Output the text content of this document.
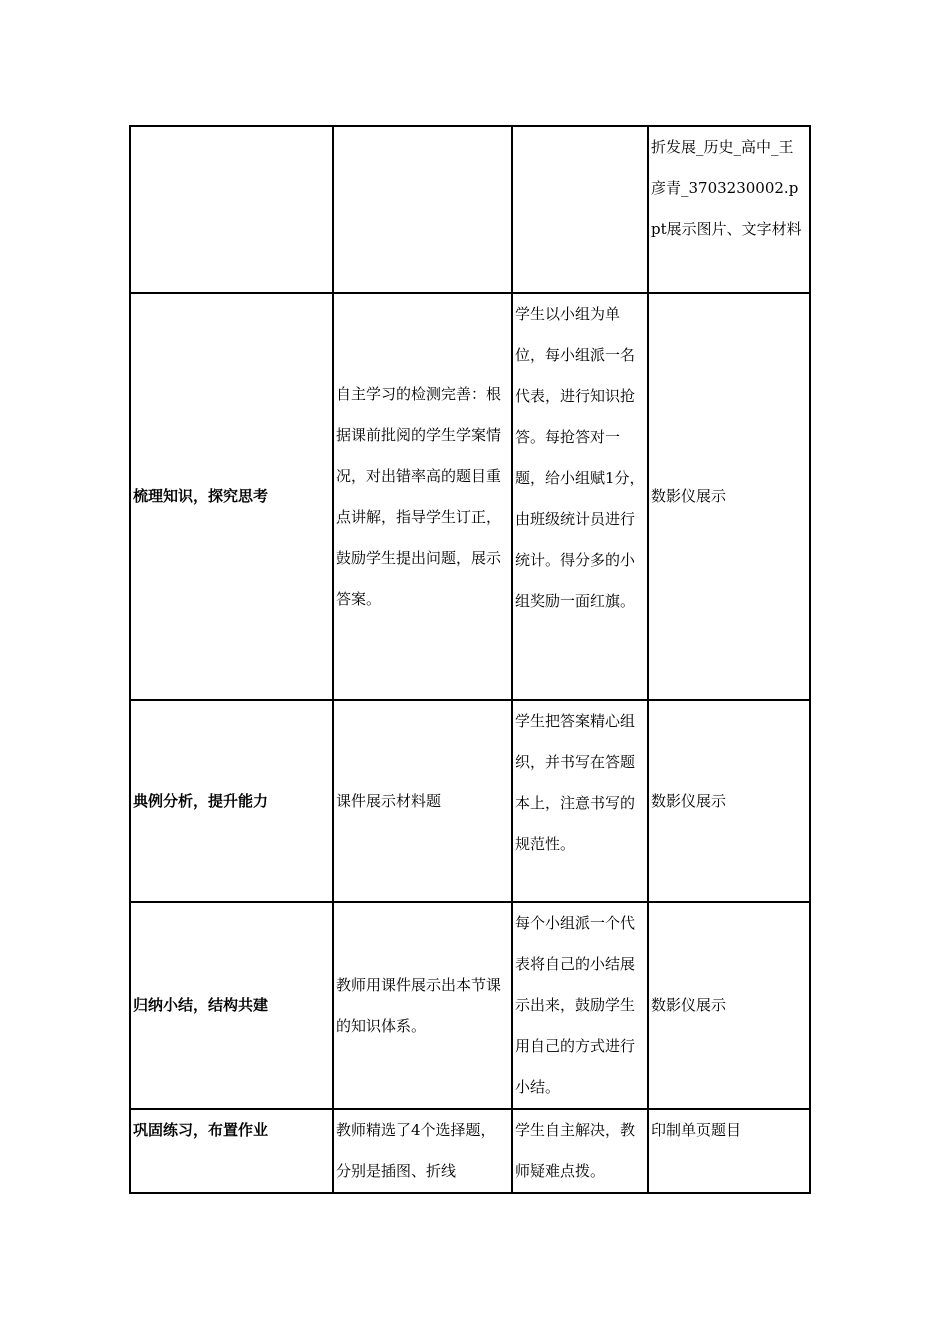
			折发展_历史_高中_王彦青_3703230002.ppt展示图片、文字材料
梳理知识，探究思考	自主学习的检测完善：根据课前批阅的学生学案情况，对出错率高的题目重点讲解，指导学生订正，鼓励学生提出问题，展示答案。	学生以小组为单位，每小组派一名代表，进行知识抢答。每抢答对一题，给小组赋1分，由班级统计员进行统计。得分多的小组奖励一面红旗。	数影仪展示
典例分析，提升能力	课件展示材料题	学生把答案精心组织，并书写在答题本上，注意书写的规范性。	数影仪展示
归纳小结，结构共建	教师用课件展示出本节课的知识体系。	每个小组派一个代表将自己的小结展示出来，鼓励学生用自己的方式进行小结。	数影仪展示
巩固练习，布置作业	教师精选了4个选择题，分别是插图、折线	学生自主解决，教师疑难点拨。	印制单页题目
